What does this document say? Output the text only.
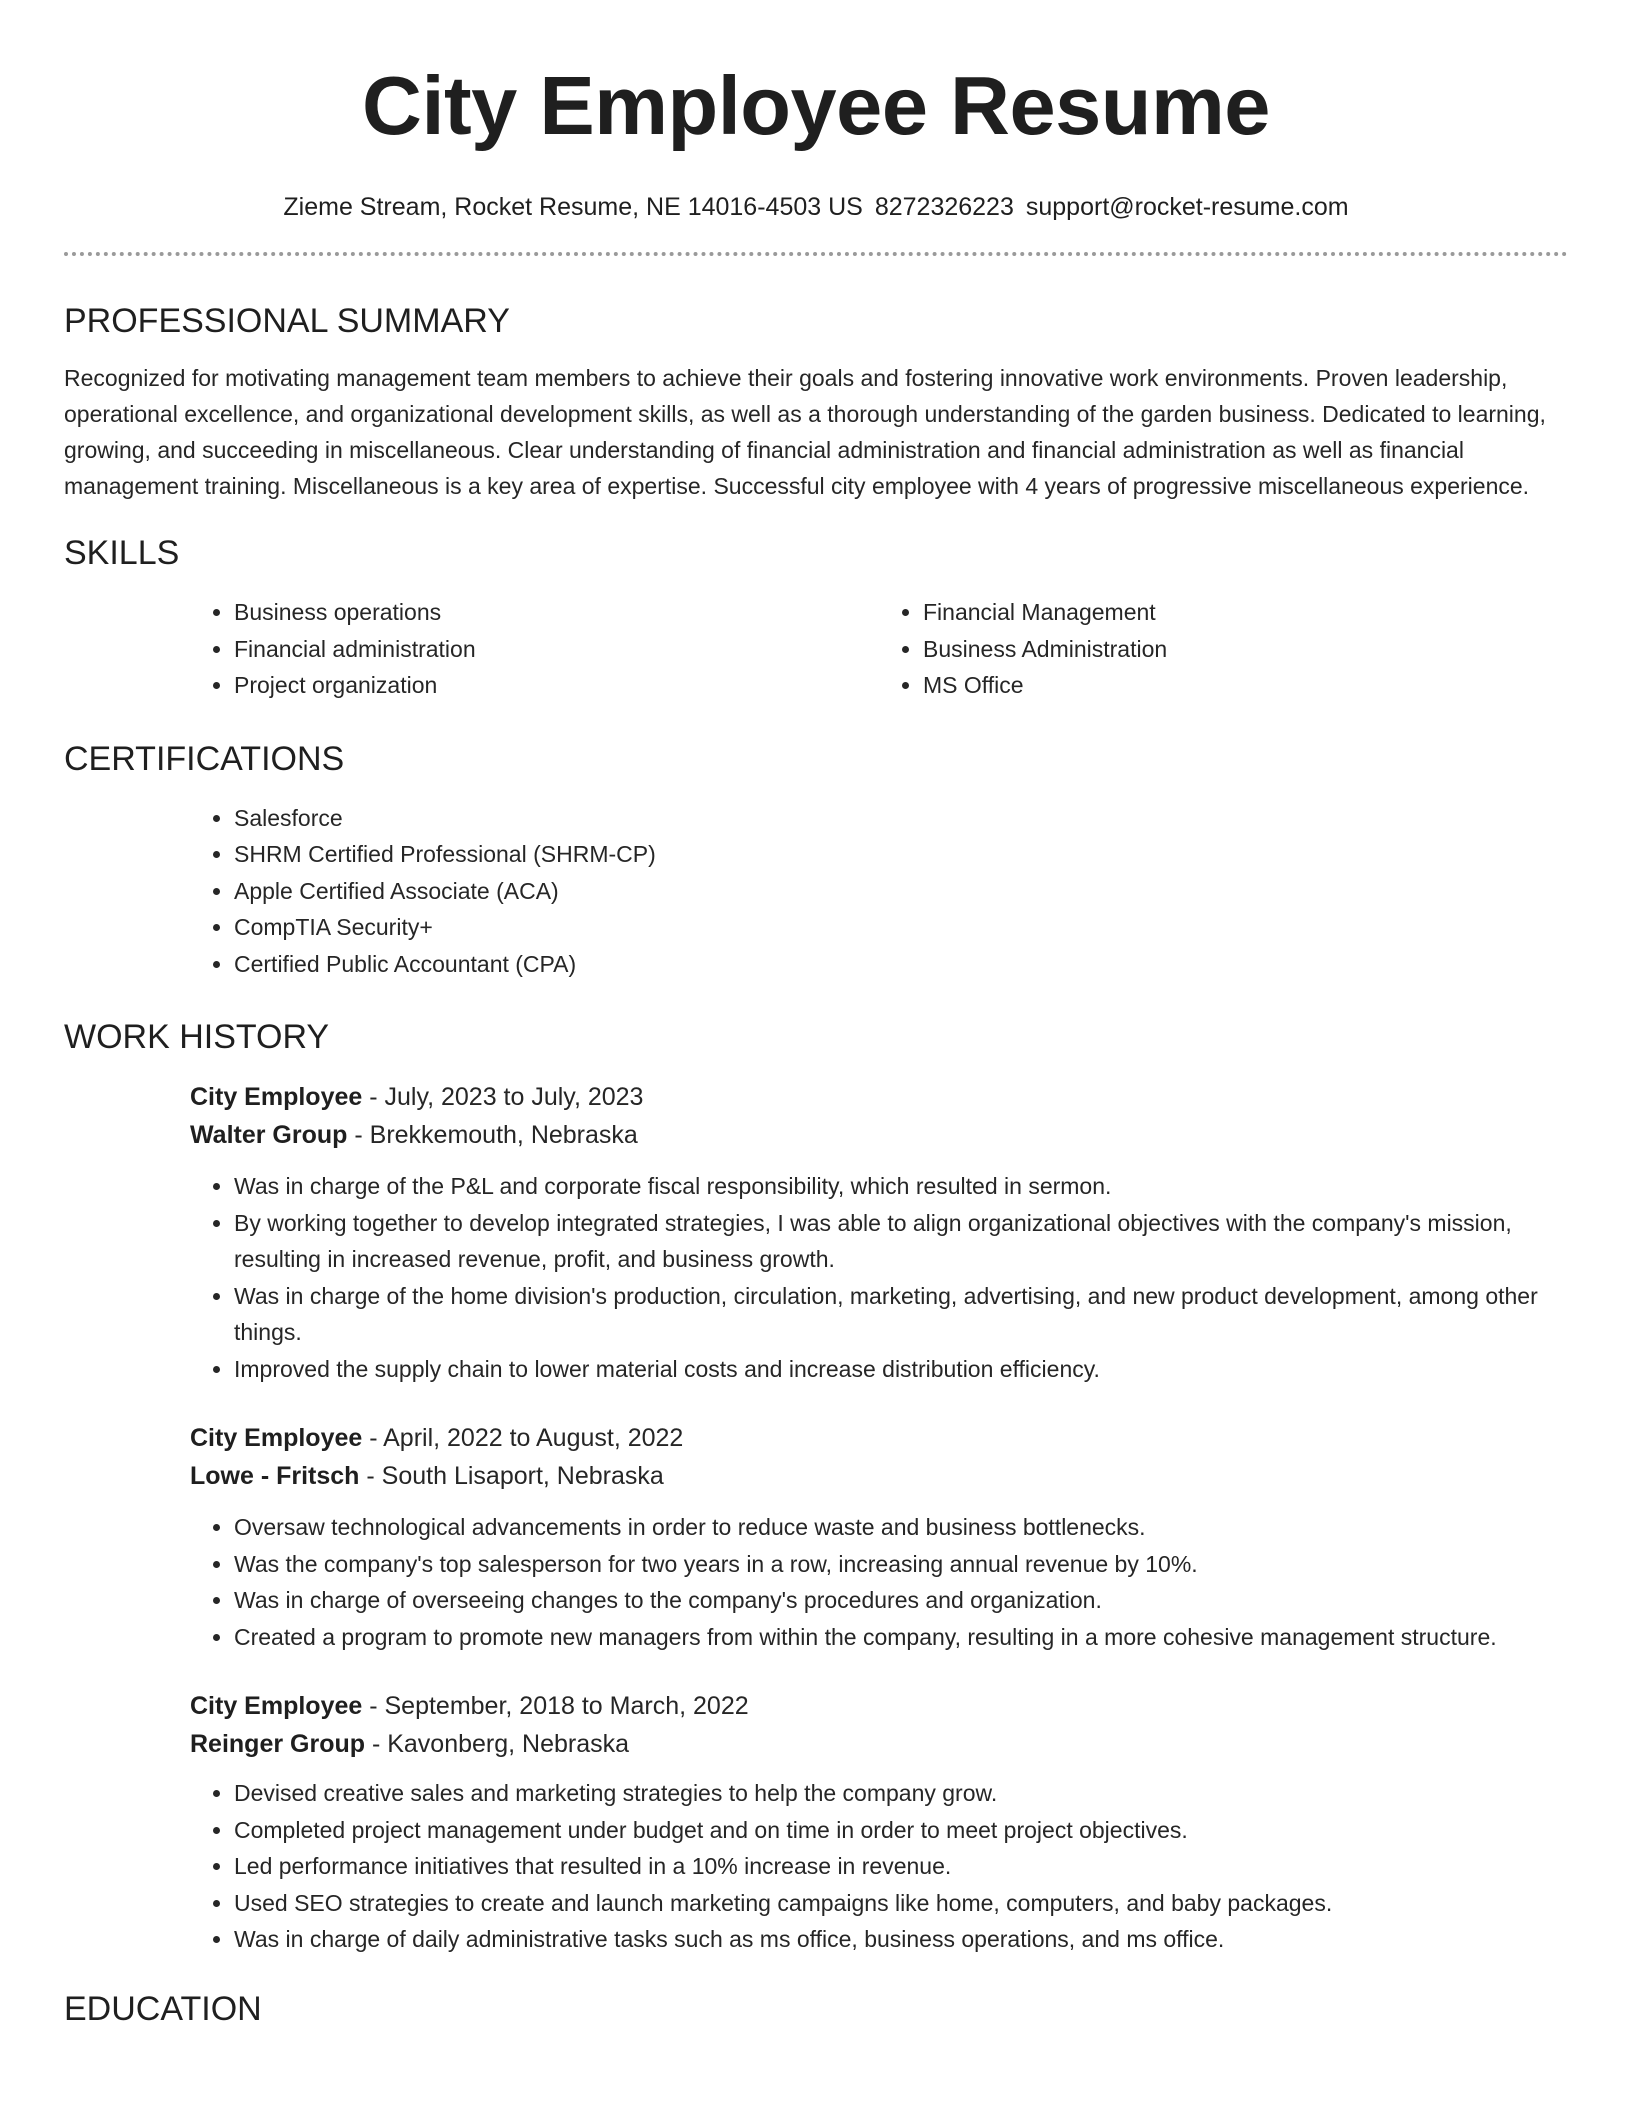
City Employee Resume
Zieme Stream, Rocket Resume, NE 14016-4503 US 8272326223 support@rocket-resume.com
PROFESSIONAL SUMMARY

Recognized for motivating management team members to achieve their goals and fostering innovative work environments. Proven leadership, operational excellence, and organizational development skills, as well as a thorough understanding of the garden business. Dedicated to learning, growing, and succeeding in miscellaneous. Clear understanding of financial administration and financial administration as well as financial management training. Miscellaneous is a key area of expertise. Successful city employee with 4 years of progressive miscellaneous experience.

SKILLS
• Business operations
• Financial administration
• Project organization
• Financial Management
• Business Administration
• MS Office
CERTIFICATIONS
• Salesforce
• SHRM Certified Professional (SHRM-CP)
• Apple Certified Associate (ACA)
• CompTIA Security+
• Certified Public Accountant (CPA)
WORK HISTORY
City Employee - July, 2023 to July, 2023
Walter Group - Brekkemouth, Nebraska
• Was in charge of the P&L and corporate fiscal responsibility, which resulted in sermon.
• By working together to develop integrated strategies, I was able to align organizational objectives with the company's mission, resulting in increased revenue, profit, and business growth.
• Was in charge of the home division's production, circulation, marketing, advertising, and new product development, among other things.
• Improved the supply chain to lower material costs and increase distribution efficiency.
City Employee - April, 2022 to August, 2022
Lowe - Fritsch - South Lisaport, Nebraska
• Oversaw technological advancements in order to reduce waste and business bottlenecks.
• Was the company's top salesperson for two years in a row, increasing annual revenue by 10%.
• Was in charge of overseeing changes to the company's procedures and organization.
• Created a program to promote new managers from within the company, resulting in a more cohesive management structure.
City Employee - September, 2018 to March, 2022
Reinger Group - Kavonberg, Nebraska
• Devised creative sales and marketing strategies to help the company grow.
• Completed project management under budget and on time in order to meet project objectives.
• Led performance initiatives that resulted in a 10% increase in revenue.
• Used SEO strategies to create and launch marketing campaigns like home, computers, and baby packages.
• Was in charge of daily administrative tasks such as ms office, business operations, and ms office.
EDUCATION
